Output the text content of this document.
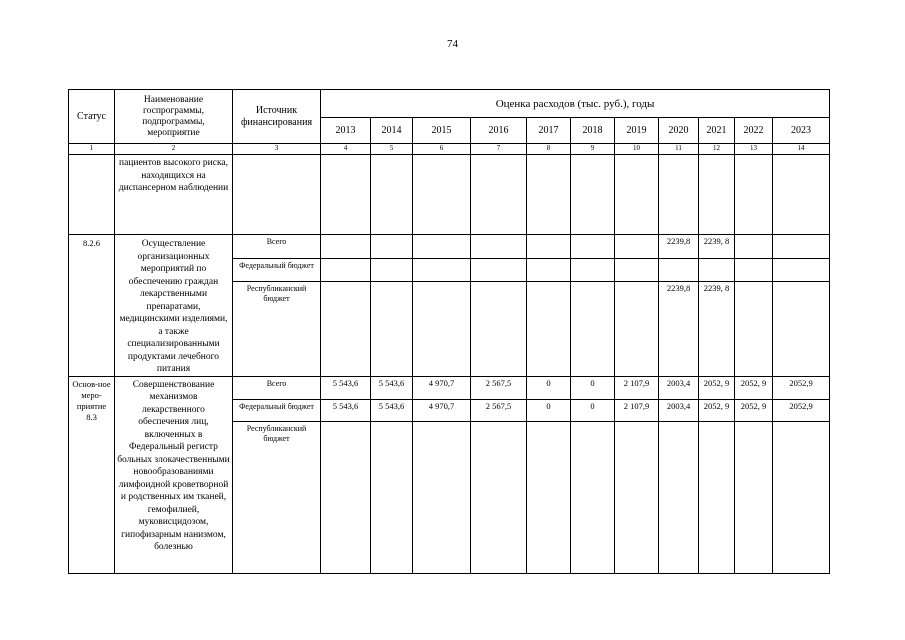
74
Статус	Наименование госпрограммы, подпрограммы, мероприятие	Источник финансирования	Оценка расходов (тыс. руб.), годы										
			2013	2014	2015	2016	2017	2018	2019	2020	2021	2022	2023
1	2	3	4	5	6	7	8	9	10	11	12	13	14
	пациентов высокого риска, находящихся на диспансерном наблюдении												
8.2.6	Осуществление организационных мероприятий по обеспечению граждан лекарственными препаратами, медицинскими изделиями, а также специализированными продуктами лечебного питания	Всего								2239,8	2239, 8		
		Федеральный бюджет											
		Республиканский бюджет								2239,8	2239, 8		
Основ-ное меро-приятие 8.3	Совершенствование механизмов лекарственного обеспечения лиц, включенных в Федеральный регистр больных злокачественными новообразованиями лимфоидной кроветворной и родственных им тканей, гемофилией, муковисцидозом, гипофизарным нанизмом, болезнью	Всего	5 543,6	5 543,6	4 970,7	2 567,5	0	0	2 107,9	2003,4	2052, 9	2052, 9	2052,9
		Федеральный бюджет	5 543,6	5 543,6	4 970,7	2 567,5	0	0	2 107,9	2003,4	2052, 9	2052, 9	2052,9
		Республиканский бюджет											
